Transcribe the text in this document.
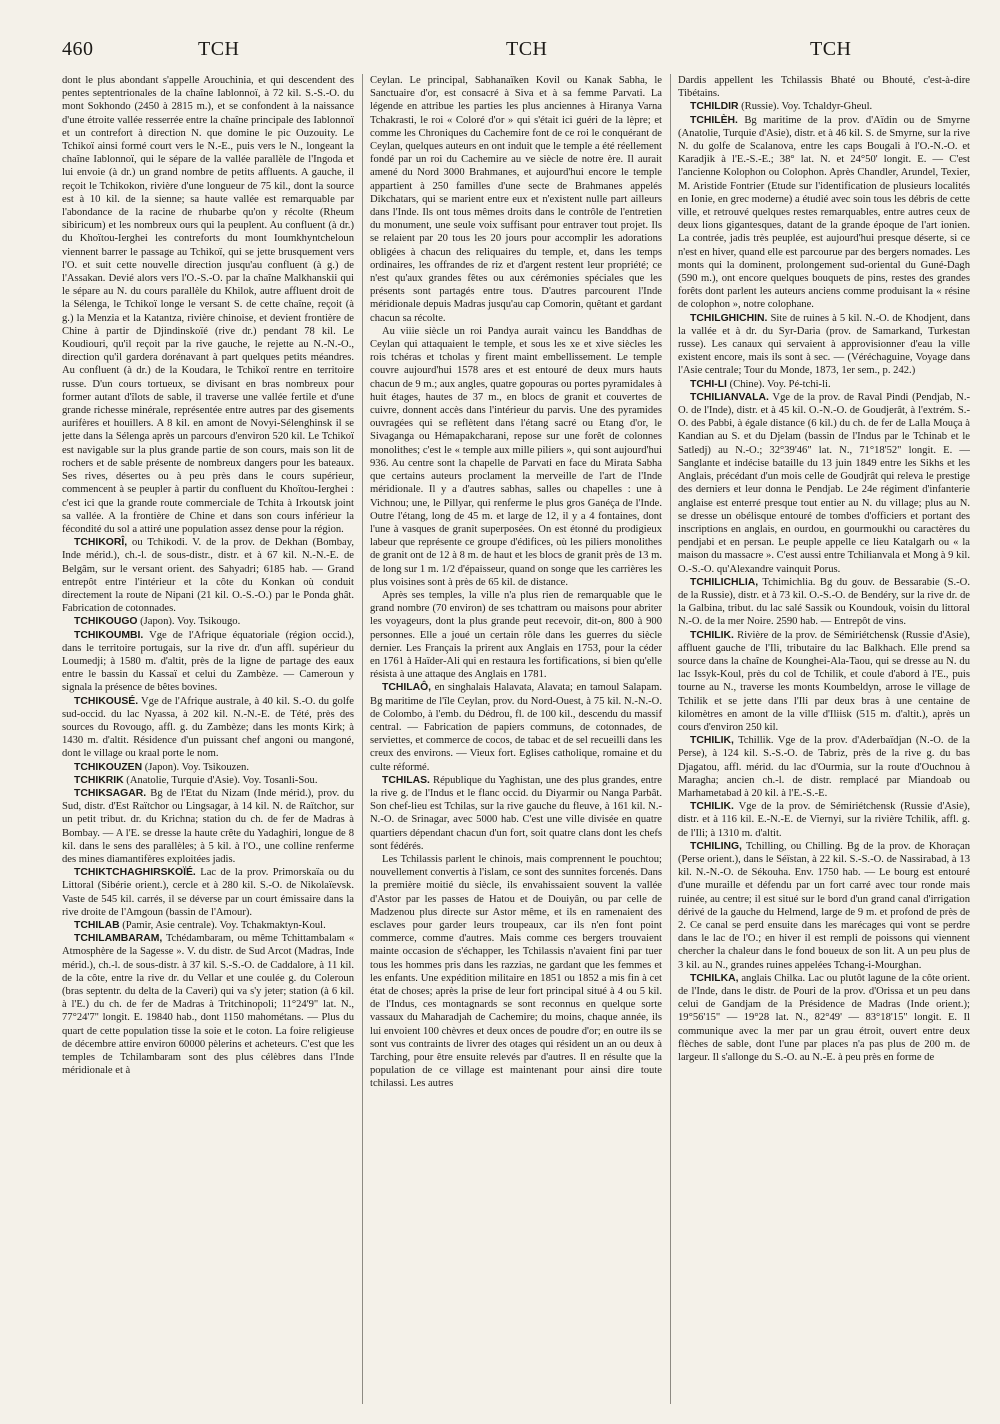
460	TCH	TCH	TCH

dont le plus abondant s'appelle Arouchinia, et qui descendent des pentes septentrionales de la chaîne Iablonnoï, à 72 kil. S.-S.-O. du mont Sokhondo (2450 à 2815 m.), et se confondent à la naissance d'une étroite vallée resserrée entre la chaîne principale des Iablonnoï et un contrefort à direction N. que domine le pic Ouzouity. Le Tchikoï ainsi formé court vers le N.-E., puis vers le N., longeant la chaîne Iablonnoï, qui le sépare de la vallée parallèle de l'Ingoda et lui envoie (à dr.) un grand nombre de petits affluents. A gauche, il reçoit le Tchikokon, rivière d'une longueur de 75 kil., dont la source est à 10 kil. de la sienne; sa haute vallée est remarquable par l'abondance de la racine de rhubarbe qu'on y récolte (Rheum sibiricum) et les nombreux ours qui la peuplent. Au confluent (à dr.) du Khoïtou-Ierghei les contreforts du mont Ioumkhyntcheloun viennent barrer le passage au Tchikoï, qui se jette brusquement vers l'O. et suit cette nouvelle direction jusqu'au confluent (à g.) de l'Assakan. Devié alors vers l'O.-S.-O. par la chaîne Malkhanskii qui le sépare au N. du cours parallèle du Khilok, autre affluent droit de la Sélenga, le Tchikoï longe le versant S. de cette chaîne, reçoit (à g.) la Menzia et la Katantza, rivière chinoise, et devient frontière de Chine à partir de Djindinskoïé (rive dr.) pendant 78 kil. Le Koudiouri, qu'il reçoit par la rive gauche, le rejette au N.-N.-O., direction qu'il gardera dorénavant à part quelques petits méandres. Au confluent (à dr.) de la Koudara, le Tchikoï rentre en territoire russe. D'un cours tortueux, se divisant en bras nombreux pour former autant d'îlots de sable, il traverse une vallée fertile et d'une grande richesse minérale, représentée entre autres par des gisements aurifères et houillers. A 8 kil. en amont de Novyi-Sélenghinsk il se jette dans la Sélenga après un parcours d'environ 520 kil. Le Tchikoï est navigable sur la plus grande partie de son cours, mais son lit de rochers et de sable présente de nombreux dangers pour les bateaux. Ses rives, désertes ou à peu près dans le cours supérieur, commencent à se peupler à partir du confluent du Khoïtou-Ierghei : c'est ici que la grande route commerciale de Tchita à Irkoutsk joint sa vallée. A la frontière de Chine et dans son cours inférieur la fécondité du sol a attiré une population assez dense pour la région.

TCHIKORÎ, ou Tchikodi. V. de la prov. de Dekhan (Bombay, Inde mérid.), ch.-l. de sous-distr., distr. et à 67 kil. N.-N.-E. de Belgâm, sur le versant orient. des Sahyadri; 6185 hab. — Grand entrepôt entre l'intérieur et la côte du Konkan où conduit directement la route de Nipani (21 kil. O.-S.-O.) par le Ponda ghât. Fabrication de cotonnades.

TCHIKOUGO (Japon). Voy. Tsikougo.

TCHIKOUMBI. Vge de l'Afrique équatoriale (région occid.), dans le territoire portugais, sur la rive dr. d'un affl. supérieur du Loumedji; à 1580 m. d'altit, près de la ligne de partage des eaux entre le bassin du Kassaï et celui du Zambèze. — Cameroun y signala la présence de bêtes bovines.

TCHIKOUSÉ. Vge de l'Afrique australe, à 40 kil. S.-O. du golfe sud-occid. du lac Nyassa, à 202 kil. N.-N.-E. de Tété, près des sources du Rovougo, affl. g. du Zambèze; dans les monts Kirk; à 1430 m. d'altit. Résidence d'un puissant chef angoni ou mangoné, dont le village ou kraal porte le nom.

TCHIKOUZEN (Japon). Voy. Tsikouzen.

TCHIKRIK (Anatolie, Turquie d'Asie). Voy. Tosanli-Sou.

TCHIKSAGAR. Bg de l'Etat du Nizam (Inde mérid.), prov. du Sud, distr. d'Est Raïtchor ou Lingsagar, à 14 kil. N. de Raïtchor, sur un petit tribut. dr. du Krichna; station du ch. de fer de Madras à Bombay. — A l'E. se dresse la haute crête du Yadaghiri, longue de 8 kil. dans le sens des parallèles; à 5 kil. à l'O., une colline renferme des mines diamantifères exploitées jadis.

TCHIKTCHAGHIRSKOÏÉ. Lac de la prov. Primorskaïa ou du Littoral (Sibérie orient.), cercle et à 280 kil. S.-O. de Nikolaïevsk. Vaste de 545 kil. carrés, il se déverse par un court émissaire dans la rive droite de l'Amgoun (bassin de l'Amour).

TCHILAB (Pamir, Asie centrale). Voy. Tchakmaktyn-Koul.

TCHILAMBARAM, Tchédambaram, ou même Tchittambalam « Atmosphère de la Sagesse ». V. du distr. de Sud Arcot (Madras, Inde mérid.), ch.-l. de sous-distr. à 37 kil. S.-S.-O. de Caddalore, à 11 kil. de la côte, entre la rive dr. du Vellar et une coulée g. du Coleroun (bras septentr. du delta de la Caveri) qui va s'y jeter; station (à 6 kil. à l'E.) du ch. de fer de Madras à Tritchinopoli; 11°24'9" lat. N., 77°24'7" longit. E. 19840 hab., dont 1150 mahométans. — Plus du quart de cette population tisse la soie et le coton. La foire religieuse de décembre attire environ 60000 pèlerins et acheteurs. C'est que les temples de Tchilambaram sont des plus célèbres dans l'Inde méridionale et à

Ceylan. Le principal, Sabhanaïken Kovil ou Kanak Sabha, le Sanctuaire d'or, est consacré à Siva et à sa femme Parvati. La légende en attribue les parties les plus anciennes à Hiranya Varna Tchakrasti, le roi « Coloré d'or » qui s'était ici guéri de la lèpre; et comme les Chroniques du Cachemire font de ce roi le conquérant de Ceylan, quelques auteurs en ont induit que le temple a été réellement fondé par un roi du Cachemire au ve siècle de notre ère. Il aurait amené du Nord 3000 Brahmanes, et aujourd'hui encore le temple appartient à 250 familles d'une secte de Brahmanes appelés Dikchatars, qui se marient entre eux et n'existent nulle part ailleurs dans l'Inde. Ils ont tous mêmes droits dans le contrôle de l'entretien du monument, une seule voix suffisant pour entraver tout projet. Ils se relaient par 20 tous les 20 jours pour accomplir les adorations obligées à chacun des reliquaires du temple, et, dans les temps ordinaires, les offrandes de riz et d'argent restent leur propriété; ce n'est qu'aux grandes fêtes ou aux cérémonies spéciales que les présents sont partagés entre tous. D'autres parcourent l'Inde méridionale depuis Madras jusqu'au cap Comorin, quêtant et gardant chacun sa récolte.

Au viiie siècle un roi Pandya aurait vaincu les Banddhas de Ceylan qui attaquaient le temple, et sous les xe et xive siècles les rois tchéras et tcholas y firent maint embellissement. Le temple couvre aujourd'hui 1578 ares et est entouré de deux murs hauts chacun de 9 m.; aux angles, quatre gopouras ou portes pyramidales à huit étages, hautes de 37 m., en blocs de granit et couvertes de cuivre, donnent accès dans l'intérieur du parvis. Une des pyramides ouvragées qui se reflètent dans l'étang sacré ou Etang d'or, le Sivaganga ou Hémapakcharani, repose sur une forêt de colonnes monolithes; c'est le « temple aux mille piliers », qui sont aujourd'hui 936. Au centre sont la chapelle de Parvati en face du Mirata Sabha que certains auteurs proclament la merveille de l'art de l'Inde méridionale. Il y a d'autres sabhas, salles ou chapelles : une à Vichnou; une, le Pillyar, qui renferme le plus gros Ganéça de l'Inde. Outre l'étang, long de 45 m. et large de 12, il y a 4 fontaines, dont l'une à vasques de granit superposées. On est étonné du prodigieux labeur que représente ce groupe d'édifices, où les piliers monolithes de granit ont de 12 à 8 m. de haut et les blocs de granit près de 13 m. de long sur 1 m. 1/2 d'épaisseur, quand on songe que les carrières les plus voisines sont à près de 65 kil. de distance.

Après ses temples, la ville n'a plus rien de remarquable que le grand nombre (70 environ) de ses tchattram ou maisons pour abriter les voyageurs, dont la plus grande peut recevoir, dit-on, 800 à 900 personnes. Elle a joué un certain rôle dans les guerres du siècle dernier. Les Français la prirent aux Anglais en 1753, pour la céder en 1761 à Haïder-Ali qui en restaura les fortifications, si bien qu'elle résista à une attaque des Anglais en 1781.

TCHILAÔ, en singhalais Halavata, Alavata; en tamoul Salapam. Bg maritime de l'île Ceylan, prov. du Nord-Ouest, à 75 kil. N.-N.-O. de Colombo, à l'emb. du Dédrou, fl. de 100 kil., descendu du massif central. — Fabrication de papiers communs, de cotonnades, de serviettes, et commerce de cocos, de tabac et de sel recueilli dans les creux des environs. — Vieux fort. Eglises catholique, romaine et du culte réformé.

TCHILAS. République du Yaghistan, une des plus grandes, entre la rive g. de l'Indus et le flanc occid. du Diyarmir ou Nanga Parbât. Son chef-lieu est Tchilas, sur la rive gauche du fleuve, à 161 kil. N.-N.-O. de Srinagar, avec 5000 hab. C'est une ville divisée en quatre quartiers dépendant chacun d'un fort, soit quatre clans dont les chefs sont fédérés.

Les Tchilassis parlent le chinois, mais comprennent le pouchtou; nouvellement convertis à l'islam, ce sont des sunnites forcenés. Dans la première moitié du siècle, ils envahissaient souvent la vallée d'Astor par les passes de Hatou et de Douiyân, ou par celle de Madzenou plus directe sur Astor même, et ils en ramenaient des esclaves pour garder leurs troupeaux, car ils n'en font point commerce, comme d'autres. Mais comme ces bergers trouvaient mainte occasion de s'échapper, les Tchilassis n'avaient fini par tuer tous les hommes pris dans les razzias, ne gardant que les femmes et les enfants. Une expédition militaire en 1851 ou 1852 a mis fin à cet état de choses; après la prise de leur fort principal situé à 4 ou 5 kil. de l'Indus, ces montagnards se sont reconnus en quelque sorte vassaux du Maharadjah de Cachemire; du moins, chaque année, ils lui envoient 100 chèvres et deux onces de poudre d'or; en outre ils se sont vus contraints de livrer des otages qui résident un an ou deux à Tarching, pour être ensuite relevés par d'autres. Il en résulte que la population de ce village est maintenant pour ainsi dire toute tchilassi. Les autres

Dardis appellent les Tchilassis Bhaté ou Bhouté, c'est-à-dire Tibétains.

TCHILDIR (Russie). Voy. Tchaldyr-Gheul.

TCHILÈH. Bg maritime de la prov. d'Aïdin ou de Smyrne (Anatolie, Turquie d'Asie), distr. et à 46 kil. S. de Smyrne, sur la rive N. du golfe de Scalanova, entre les caps Bougali à l'O.-N.-O. et Karadjik à l'E.-S.-E.; 38° lat. N. et 24°50' longit. E. — C'est l'ancienne Kolophon ou Colophon. Après Chandler, Arundel, Texier, M. Aristide Fontrier (Etude sur l'identification de plusieurs localités en Ionie, en grec moderne) a étudié avec soin tous les débris de cette ville, et retrouvé quelques restes remarquables, entre autres ceux de deux lions gigantesques, datant de la grande époque de l'art ionien. La contrée, jadis très peuplée, est aujourd'hui presque déserte, si ce n'est en hiver, quand elle est parcourue par des bergers nomades. Les monts qui la dominent, prolongement sud-oriental du Guné-Dagh (590 m.), ont encore quelques bouquets de pins, restes des grandes forêts dont parlent les auteurs anciens comme produisant la « résine de colophon », notre colophane.

TCHILGHICHIN. Site de ruines à 5 kil. N.-O. de Khodjent, dans la vallée et à dr. du Syr-Daria (prov. de Samarkand, Turkestan russe). Les canaux qui servaient à approvisionner d'eau la ville existent encore, mais ils sont à sec. — (Véréchaguine, Voyage dans l'Asie centrale; Tour du Monde, 1873, 1er sem., p. 242.)

TCHI-LI (Chine). Voy. Pé-tchi-li.

TCHILIANVALA. Vge de la prov. de Raval Pindi (Pendjab, N.-O. de l'Inde), distr. et à 45 kil. O.-N.-O. de Goudjerât, à l'extrém. S.-O. des Pabbi, à égale distance (6 kil.) du ch. de fer de Lalla Mouça à Kandian au S. et du Djelam (bassin de l'Indus par le Tchinab et le Satledj) au N.-O.; 32°39'46" lat. N., 71°18'52" longit. E. — Sanglante et indécise bataille du 13 juin 1849 entre les Sikhs et les Anglais, précédant d'un mois celle de Goudjrât qui releva le prestige des derniers et leur donna le Pendjab. Le 24e régiment d'infanterie anglaise est enterré presque tout entier au N. du village; plus au N. se dresse un obélisque entouré de tombes d'officiers et portant des inscriptions en anglais, en ourdou, en gourmoukhi ou caractères du pendjabi et en persan. Le peuple appelle ce lieu Katalgarh ou « la maison du massacre ». C'est aussi entre Tchilianvala et Mong à 9 kil. O.-S.-O. qu'Alexandre vainquit Porus.

TCHILICHLIA, Tchimichlia. Bg du gouv. de Bessarabie (S.-O. de la Russie), distr. et à 73 kil. O.-S.-O. de Bendéry, sur la rive dr. de la Galbina, tribut. du lac salé Sassik ou Koundouk, voisin du littoral N.-O. de la mer Noire. 2590 hab. — Entrepôt de vins.

TCHILIK. Rivière de la prov. de Sémiriétchensk (Russie d'Asie), affluent gauche de l'Ili, tributaire du lac Balkhach. Elle prend sa source dans la chaîne de Kounghei-Ala-Taou, qui se dresse au N. du lac Issyk-Koul, près du col de Tchilik, et coule d'abord à l'E., puis tourne au N., traverse les monts Koumbeldyn, arrose le village de Tchilik et se jette dans l'Ili par deux bras à une centaine de kilomètres en amont de la ville d'Iliisk (515 m. d'altit.), après un cours d'environ 250 kil.

TCHILIK, Tchillik. Vge de la prov. d'Aderbaïdjan (N.-O. de la Perse), à 124 kil. S.-S.-O. de Tabriz, près de la rive g. du bas Djagatou, affl. mérid. du lac d'Ourmia, sur la route d'Ouchnou à Maragha; ancien ch.-l. de distr. remplacé par Miandoab ou Marhametabad à 20 kil. à l'E.-S.-E.

TCHILIK. Vge de la prov. de Sémiriétchensk (Russie d'Asie), distr. et à 116 kil. E.-N.-E. de Viernyi, sur la rivière Tchilik, affl. g. de l'Ili; à 1310 m. d'altit.

TCHILING, Tchilling, ou Chilling. Bg de la prov. de Khoraçan (Perse orient.), dans le Séïstan, à 22 kil. S.-S.-O. de Nassirabad, à 13 kil. N.-N.-O. de Sékouha. Env. 1750 hab. — Le bourg est entouré d'une muraille et défendu par un fort carré avec tour ronde mais ruinée, au centre; il est situé sur le bord d'un grand canal d'irrigation dérivé de la gauche du Helmend, large de 9 m. et profond de près de 2. Ce canal se perd ensuite dans les marécages qui vont se perdre dans le lac de l'O.; en hiver il est rempli de poissons qui viennent chercher la chaleur dans le fond boueux de son lit. A un peu plus de 3 kil. au N., grandes ruines appelées Tchang-i-Mourghan.

TCHILKA, anglais Chilka. Lac ou plutôt lagune de la côte orient. de l'Inde, dans le distr. de Pouri de la prov. d'Orissa et un peu dans celui de Gandjam de la Présidence de Madras (Inde orient.); 19°56'15" — 19°28 lat. N., 82°49' — 83°18'15" longit. E. Il communique avec la mer par un grau étroit, ouvert entre deux flèches de sable, dont l'une par places n'a pas plus de 200 m. de largeur. Il s'allonge du S.-O. au N.-E. à peu près en forme de
